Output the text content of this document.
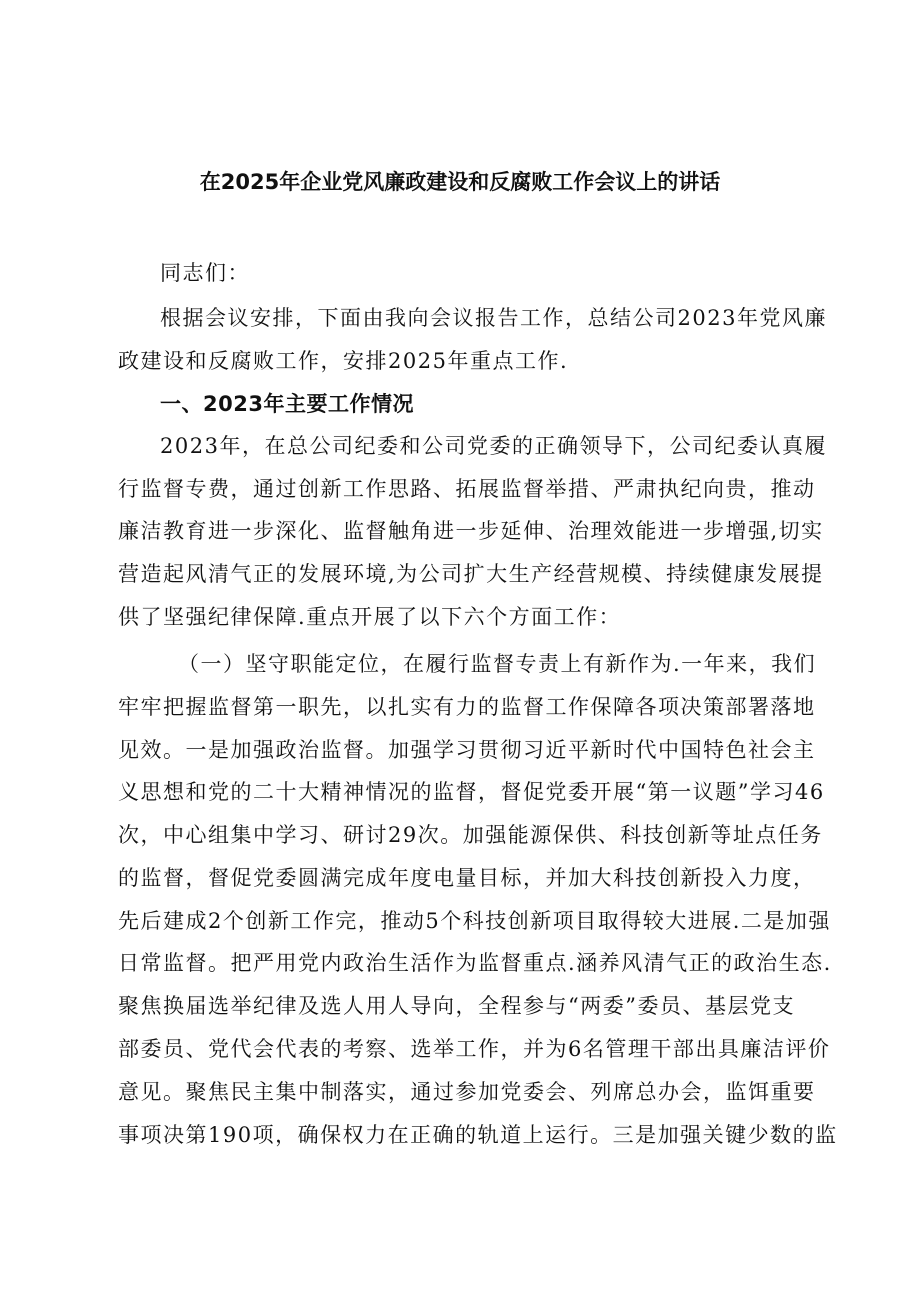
在2025年企业党风廉政建设和反腐败工作会议上的讲话

同志们：

根据会议安排，下面由我向会议报告工作，总结公司2023年党风廉

政建设和反腐败工作，安排2025年重点工作.

一、2023年主要工作情况

2023年，在总公司纪委和公司党委的正确领导下，公司纪委认真履

行监督专费，通过创新工作思路、拓展监督举措、严肃执纪向贵，推动

廉洁教育进一步深化、监督触角进一步延伸、治理效能进一步增强,切实

营造起风清气正的发展环境,为公司扩大生产经营规模、持续健康发展提

供了坚强纪律保障.重点开展了以下六个方面工作：

（一）坚守职能定位，在履行监督专责上有新作为.一年来，我们

牢牢把握监督第一职先，以扎实有力的监督工作保障各项决策部署落地

见效。一是加强政治监督。加强学习贯彻习近平新时代中国特色社会主

义思想和党的二十大精神情况的监督，督促党委开展“第一议题”学习46

次，中心组集中学习、研讨29次。加强能源保供、科技创新等址点任务

的监督，督促党委圆满完成年度电量目标，并加大科技创新投入力度，

先后建成2个创新工作完，推动5个科技创新项目取得较大进展.二是加强

日常监督。把严用党内政治生活作为监督重点.涵养风清气正的政治生态.

聚焦换届选举纪律及选人用人导向，全程参与“两委”委员、基层党支

部委员、党代会代表的考察、选举工作，并为6名管理干部出具廉洁评价

意见。聚焦民主集中制落实，通过参加党委会、列席总办会，监饵重要

事项决第190项，确保权力在正确的轨道上运行。三是加强关键少数的监
